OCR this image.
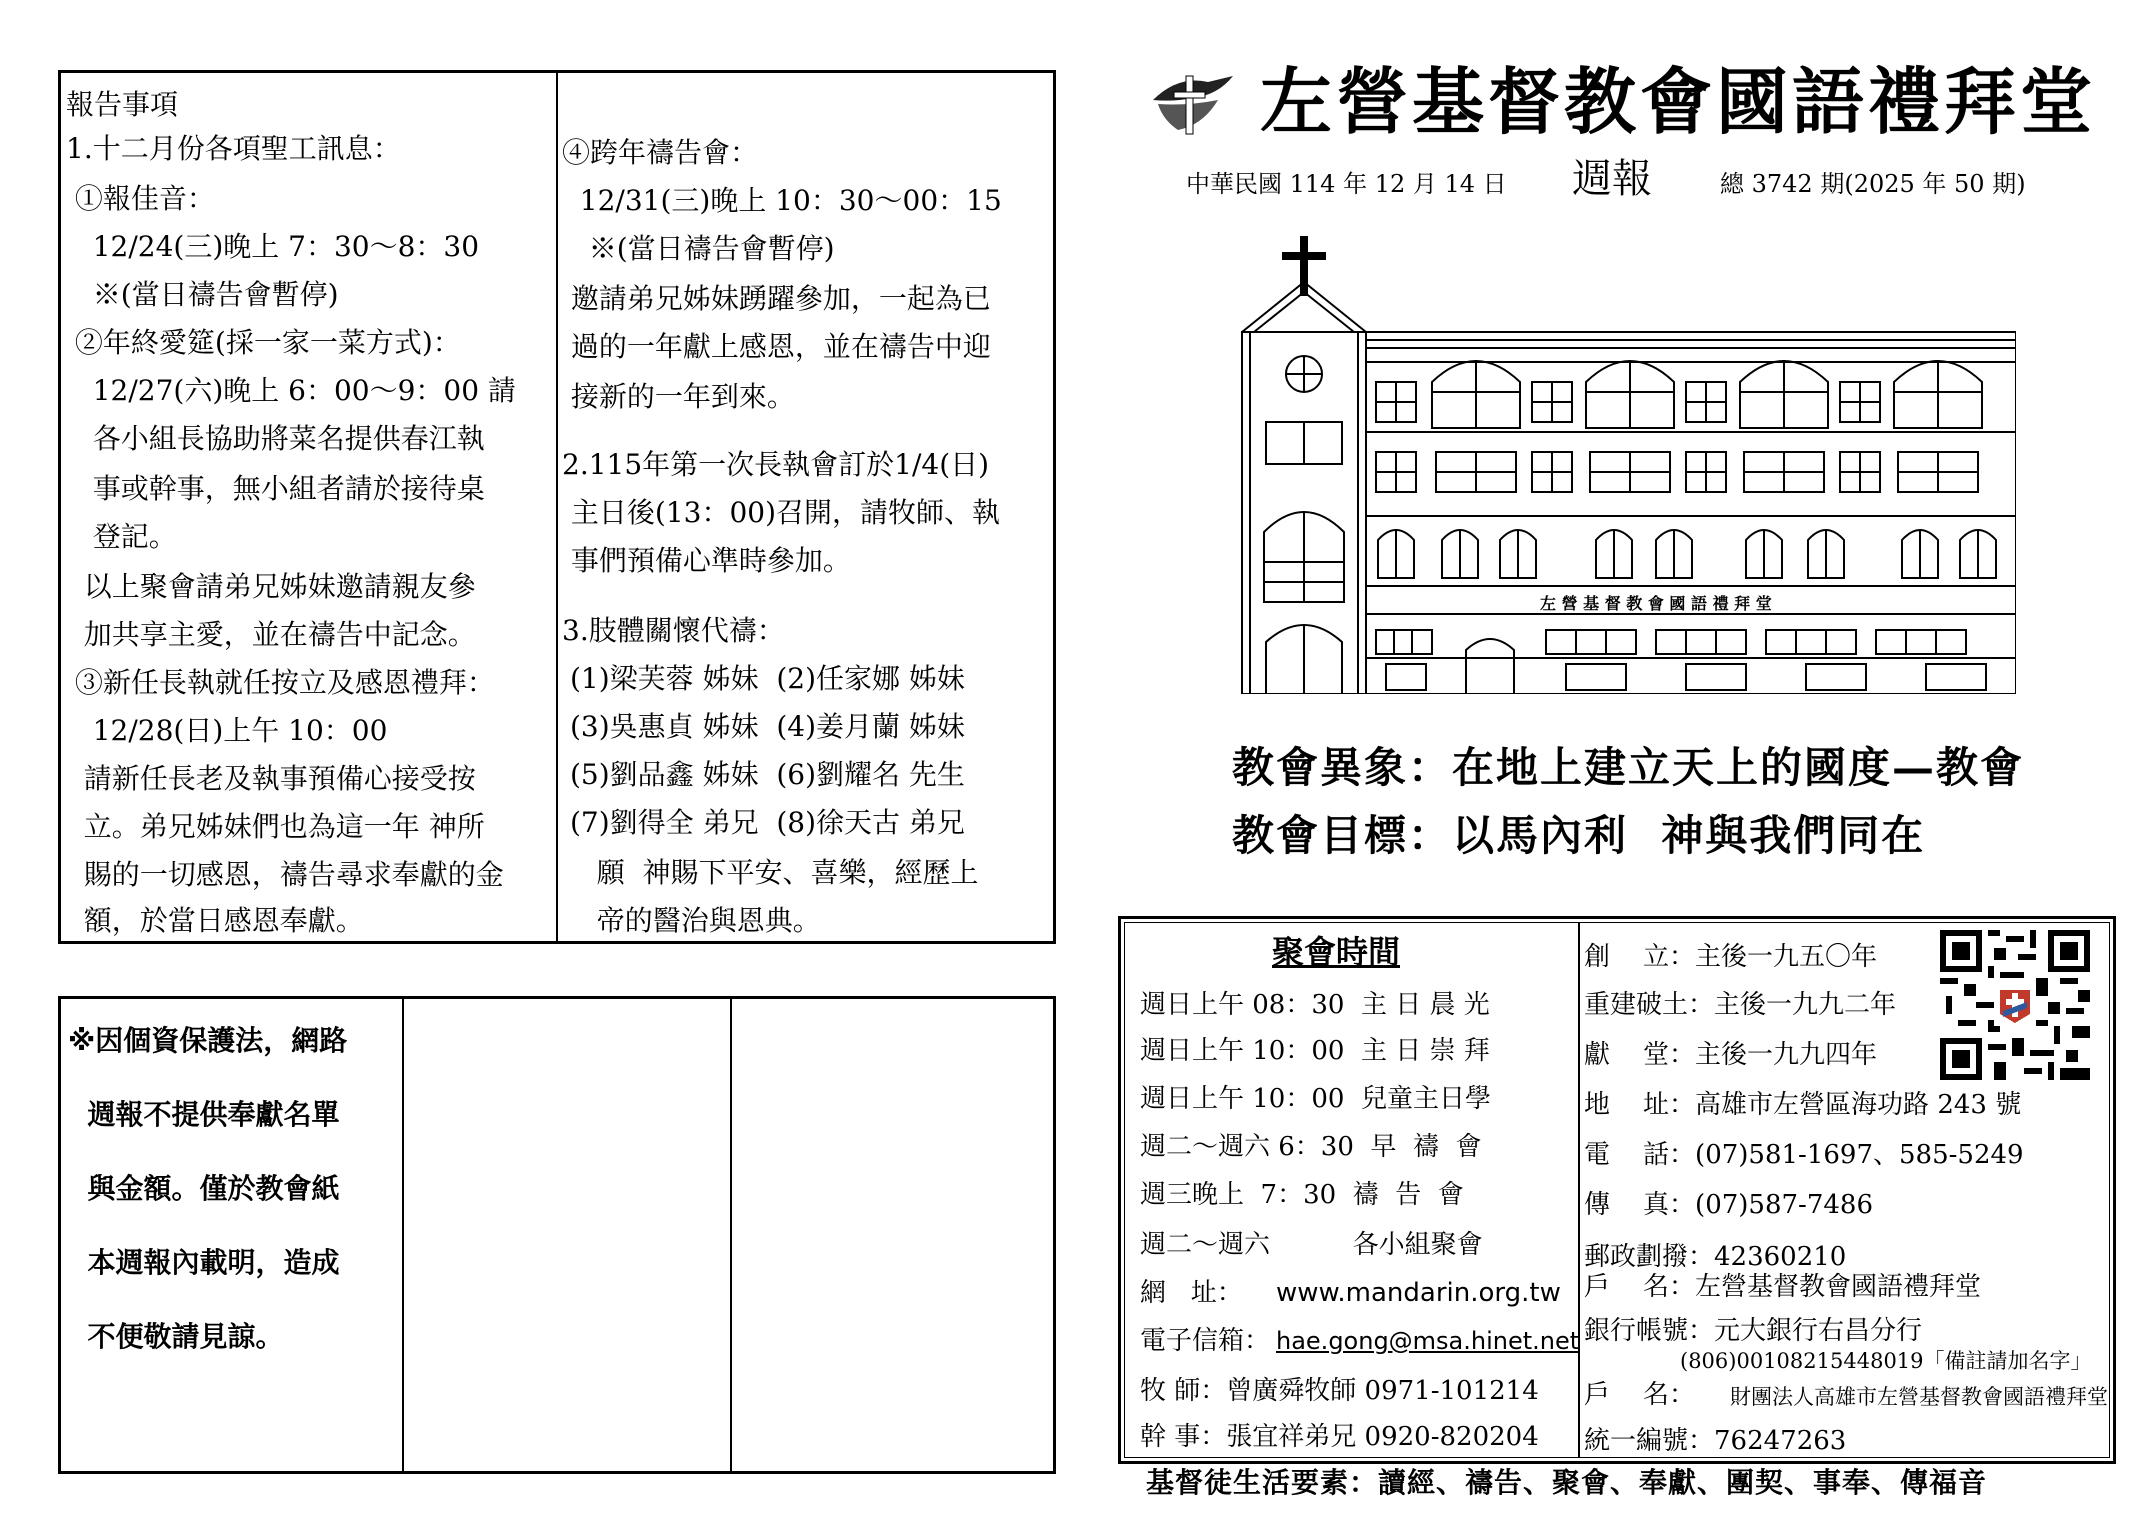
報告事項
1.十二月份各項聖工訊息：
①報佳音：
12/24(三)晚上 7：30～8：30
※(當日禱告會暫停)
②年終愛筵(採一家一菜方式)：
12/27(六)晚上 6：00～9：00 請
各小組長協助將菜名提供春江執
事或幹事，無小組者請於接待桌
登記。
以上聚會請弟兄姊妹邀請親友參
加共享主愛，並在禱告中記念。
③新任長執就任按立及感恩禮拜：
12/28(日)上午 10：00
請新任長老及執事預備心接受按
立。弟兄姊妹們也為這一年 神所
賜的一切感恩，禱告尋求奉獻的金
額，於當日感恩奉獻。
④跨年禱告會：
12/31(三)晚上 10：30～00：15
※(當日禱告會暫停)
邀請弟兄姊妹踴躍參加，一起為已
過的一年獻上感恩，並在禱告中迎
接新的一年到來。
2.115年第一次長執會訂於1/4(日)
主日後(13：00)召開，請牧師、執
事們預備心準時參加。
3.肢體關懷代禱：
(1)梁芙蓉 姊妹  (2)任家娜 姊妹
(3)吳惠貞 姊妹  (4)姜月蘭 姊妹
(5)劉品鑫 姊妹  (6)劉耀名 先生
(7)劉得全 弟兄  (8)徐天古 弟兄
願  神賜下平安、喜樂，經歷上
帝的醫治與恩典。
※因個資保護法，網路
週報不提供奉獻名單
與金額。僅於教會紙
本週報內載明，造成
不便敬請見諒。
左營基督教會國語禮拜堂
中華民國 114 年 12 月 14 日 週報	總 3742 期(2025 年 50 期)
左 營 基 督 教 會 國 語 禮 拜 堂
教會異象：在地上建立天上的國度—教會
教會目標：以馬內利  神與我們同在
聚會時間
週日上午 08：30  主 日 晨 光
週日上午 10：00  主 日 崇 拜
週日上午 10：00  兒童主日學
週二～週六 6：30  早  禱  會
週三晚上  7：30  禱  告  會
週二～週六          各小組聚會
網   址： www.mandarin.org.tw
電子信箱： hae.gong@msa.hinet.net
牧 師：曾廣舜牧師 0971-101214
幹 事：張宜祥弟兄 0920-820204
創    立：主後一九五〇年
重建破土：主後一九九二年
獻    堂：主後一九九四年
地    址：高雄市左營區海功路 243 號
電    話：(07)581-1697、585-5249
傳    真：(07)587-7486
郵政劃撥：42360210
戶    名：左營基督教會國語禮拜堂
銀行帳號：元大銀行右昌分行
(806)00108215448019「備註請加名字」
戶    名： 財團法人高雄市左營基督教會國語禮拜堂
統一編號：76247263
基督徒生活要素：讀經、禱告、聚會、奉獻、團契、事奉、傳福音
